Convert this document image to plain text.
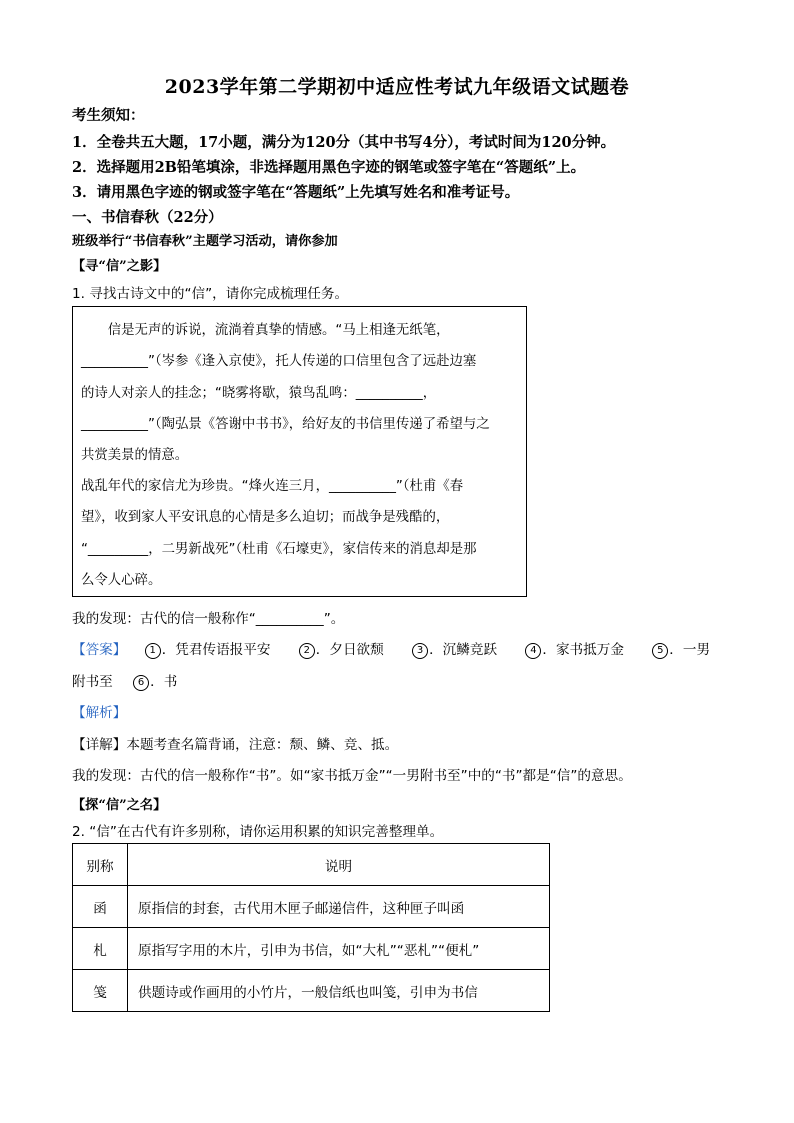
2023学年第二学期初中适应性考试九年级语文试题卷
考生须知：
1．全卷共五大题，17小题，满分为120分（其中书写4分），考试时间为120分钟。
2．选择题用2B铅笔填涂，非选择题用黑色字迹的钢笔或签字笔在“答题纸”上。
3．请用黑色字迹的钢或签字笔在“答题纸”上先填写姓名和准考证号。
一、书信春秋（22分）
班级举行“书信春秋”主题学习活动，请你参加
【寻“信”之影】
1. 寻找古诗文中的“信”，请你完成梳理任务。
　　信是无声的诉说，流淌着真挚的情感。“马上相逢无纸笔，
__________”（岑参《逢入京使》，托人传递的口信里包含了远赴边塞
的诗人对亲人的挂念；“晓雾将歇，猿鸟乱鸣：__________，
__________”（陶弘景《答谢中书书》，给好友的书信里传递了希望与之
共赏美景的情意。
战乱年代的家信尤为珍贵。“烽火连三月，__________”（杜甫《春
望》，收到家人平安讯息的心情是多么迫切；而战争是残酷的，
“_________，二男新战死”（杜甫《石壕吏》，家信传来的消息却是那
么令人心碎。
我的发现：古代的信一般称作“__________”。
【答案】 1 ．凭君传语报平安	2 ．夕日欲颓	3 ．沉鳞竞跃	4 ．家书抵万金	5 ．一男
附书至	6 ．书
【解析】
【详解】本题考查名篇背诵，注意：颓、鳞、竞、抵。
我的发现：古代的信一般称作“书”。如“家书抵万金”“一男附书至”中的“书”都是“信”的意思。
【探“信”之名】
2. “信”在古代有许多别称，请你运用积累的知识完善整理单。
别称	说明
函	原指信的封套，古代用木匣子邮递信件，这种匣子叫函
札	原指写字用的木片，引申为书信，如“大札”“恶札”“便札”
笺	供题诗或作画用的小竹片，一般信纸也叫笺，引申为书信
